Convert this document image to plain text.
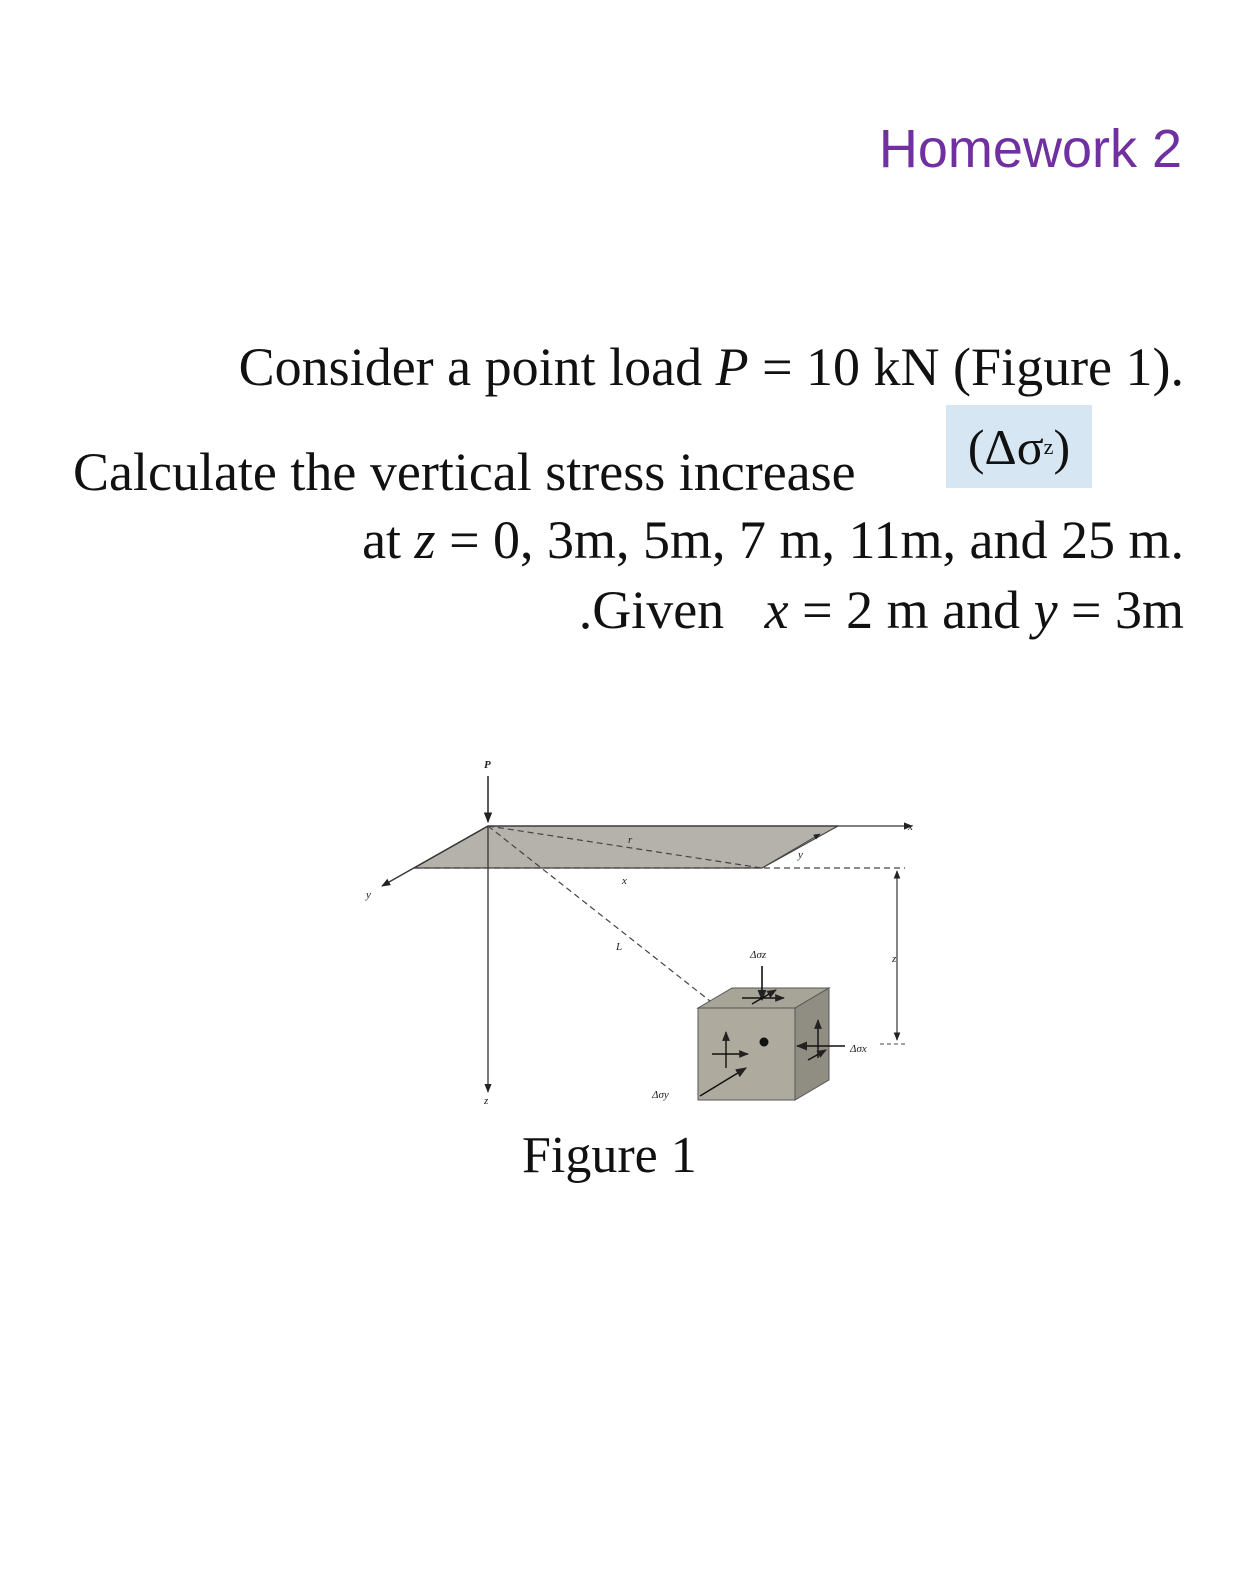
Homework 2
Consider a point load P = 10 kN (Figure 1).
Calculate the vertical stress increase (Δσ z )
at z = 0, 3m, 5m, 7 m, 11m, and 25 m.
.Given   x = 2 m and y = 3m
P
x
y
z
r
x
y
L
z
Δσz
Δσx
Δσy
Figure 1
